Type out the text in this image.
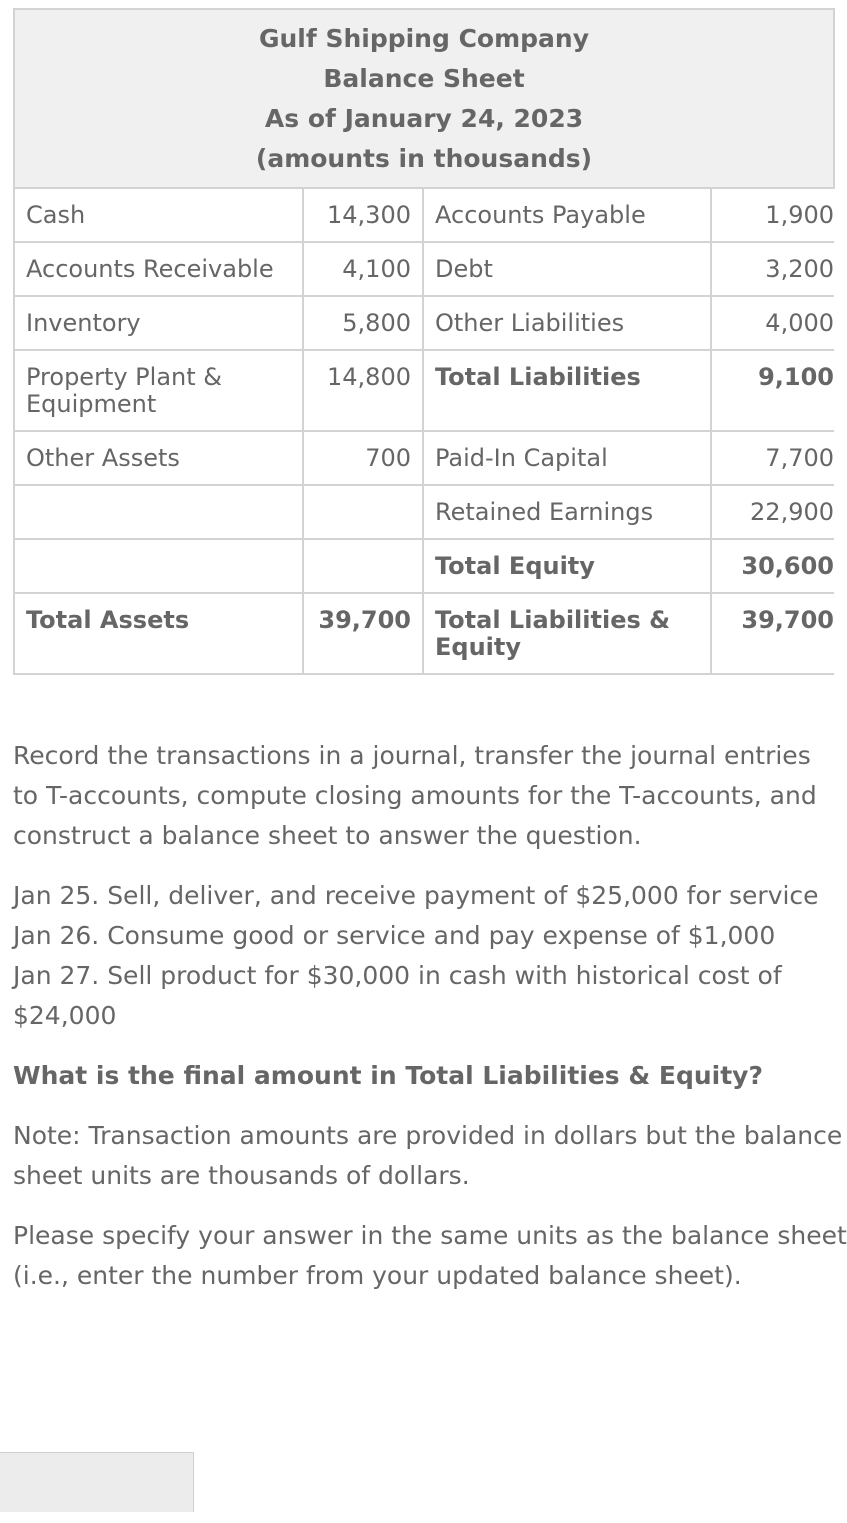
Gulf Shipping Company
Balance Sheet
As of January 24, 2023
(amounts in thousands)			

Cash	14,300	Accounts Payable	1,900
Accounts Receivable	4,100	Debt	3,200
Inventory	5,800	Other Liabilities	4,000
Property Plant & Equipment	14,800	Total Liabilities	9,100
Other Assets	700	Paid-In Capital	7,700
		Retained Earnings	22,900
		Total Equity	30,600
Total Assets	39,700	Total Liabilities & Equity	39,700

Record the transactions in a journal, transfer the journal entries

to T-accounts, compute closing amounts for the T-accounts, and

construct a balance sheet to answer the question.

Jan 25. Sell, deliver, and receive payment of $25,000 for service

Jan 26. Consume good or service and pay expense of $1,000

Jan 27. Sell product for $30,000 in cash with historical cost of

$24,000

What is the final amount in Total Liabilities & Equity?

Note: Transaction amounts are provided in dollars but the balance

sheet units are thousands of dollars.

Please specify your answer in the same units as the balance sheet

(i.e., enter the number from your updated balance sheet).
